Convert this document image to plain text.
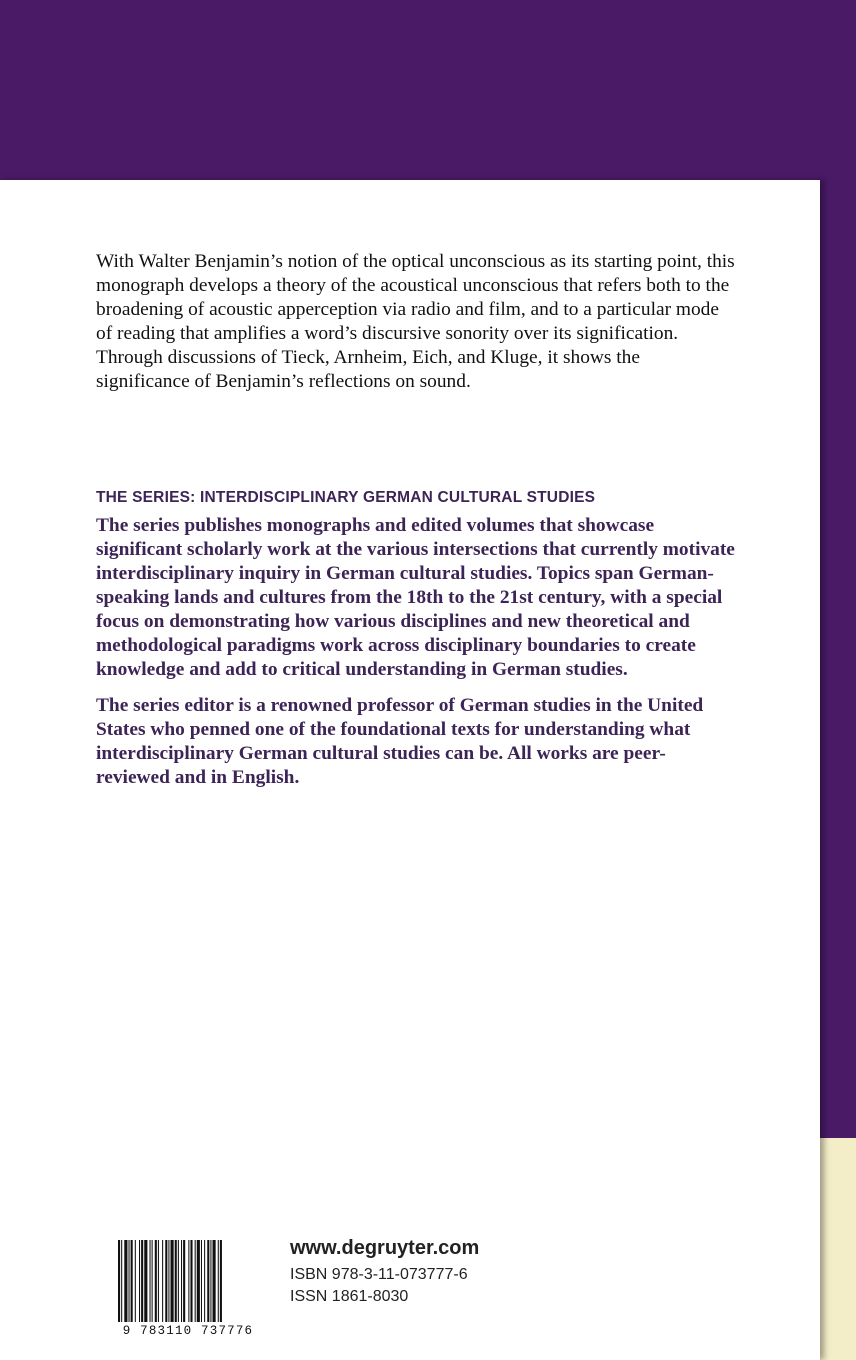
With Walter Benjamin’s notion of the optical unconscious as its starting point, this monograph develops a theory of the acoustical unconscious that refers both to the broadening of acoustic apperception via radio and film, and to a particular mode of reading that amplifies a word’s discursive sonority over its signification. Through discussions of Tieck, Arnheim, Eich, and Kluge, it shows the significance of Benjamin’s reflections on sound.

THE SERIES: INTERDISCIPLINARY GERMAN CULTURAL STUDIES

The series publishes monographs and edited volumes that showcase significant scholarly work at the various intersections that currently motivate interdisciplinary inquiry in German cultural studies. Topics span German-speaking lands and cultures from the 18th to the 21st century, with a special focus on demonstrating how various disciplines and new theoretical and methodological paradigms work across disciplinary boundaries to create knowledge and add to critical understanding in German studies.

The series editor is a renowned professor of German studies in the United States who penned one of the foundational texts for understanding what interdisciplinary German cultural studies can be. All works are peer-reviewed and in English.

9 783110 737776
www.degruyter.com
ISBN 978-3-11-073777-6
ISSN 1861-8030
